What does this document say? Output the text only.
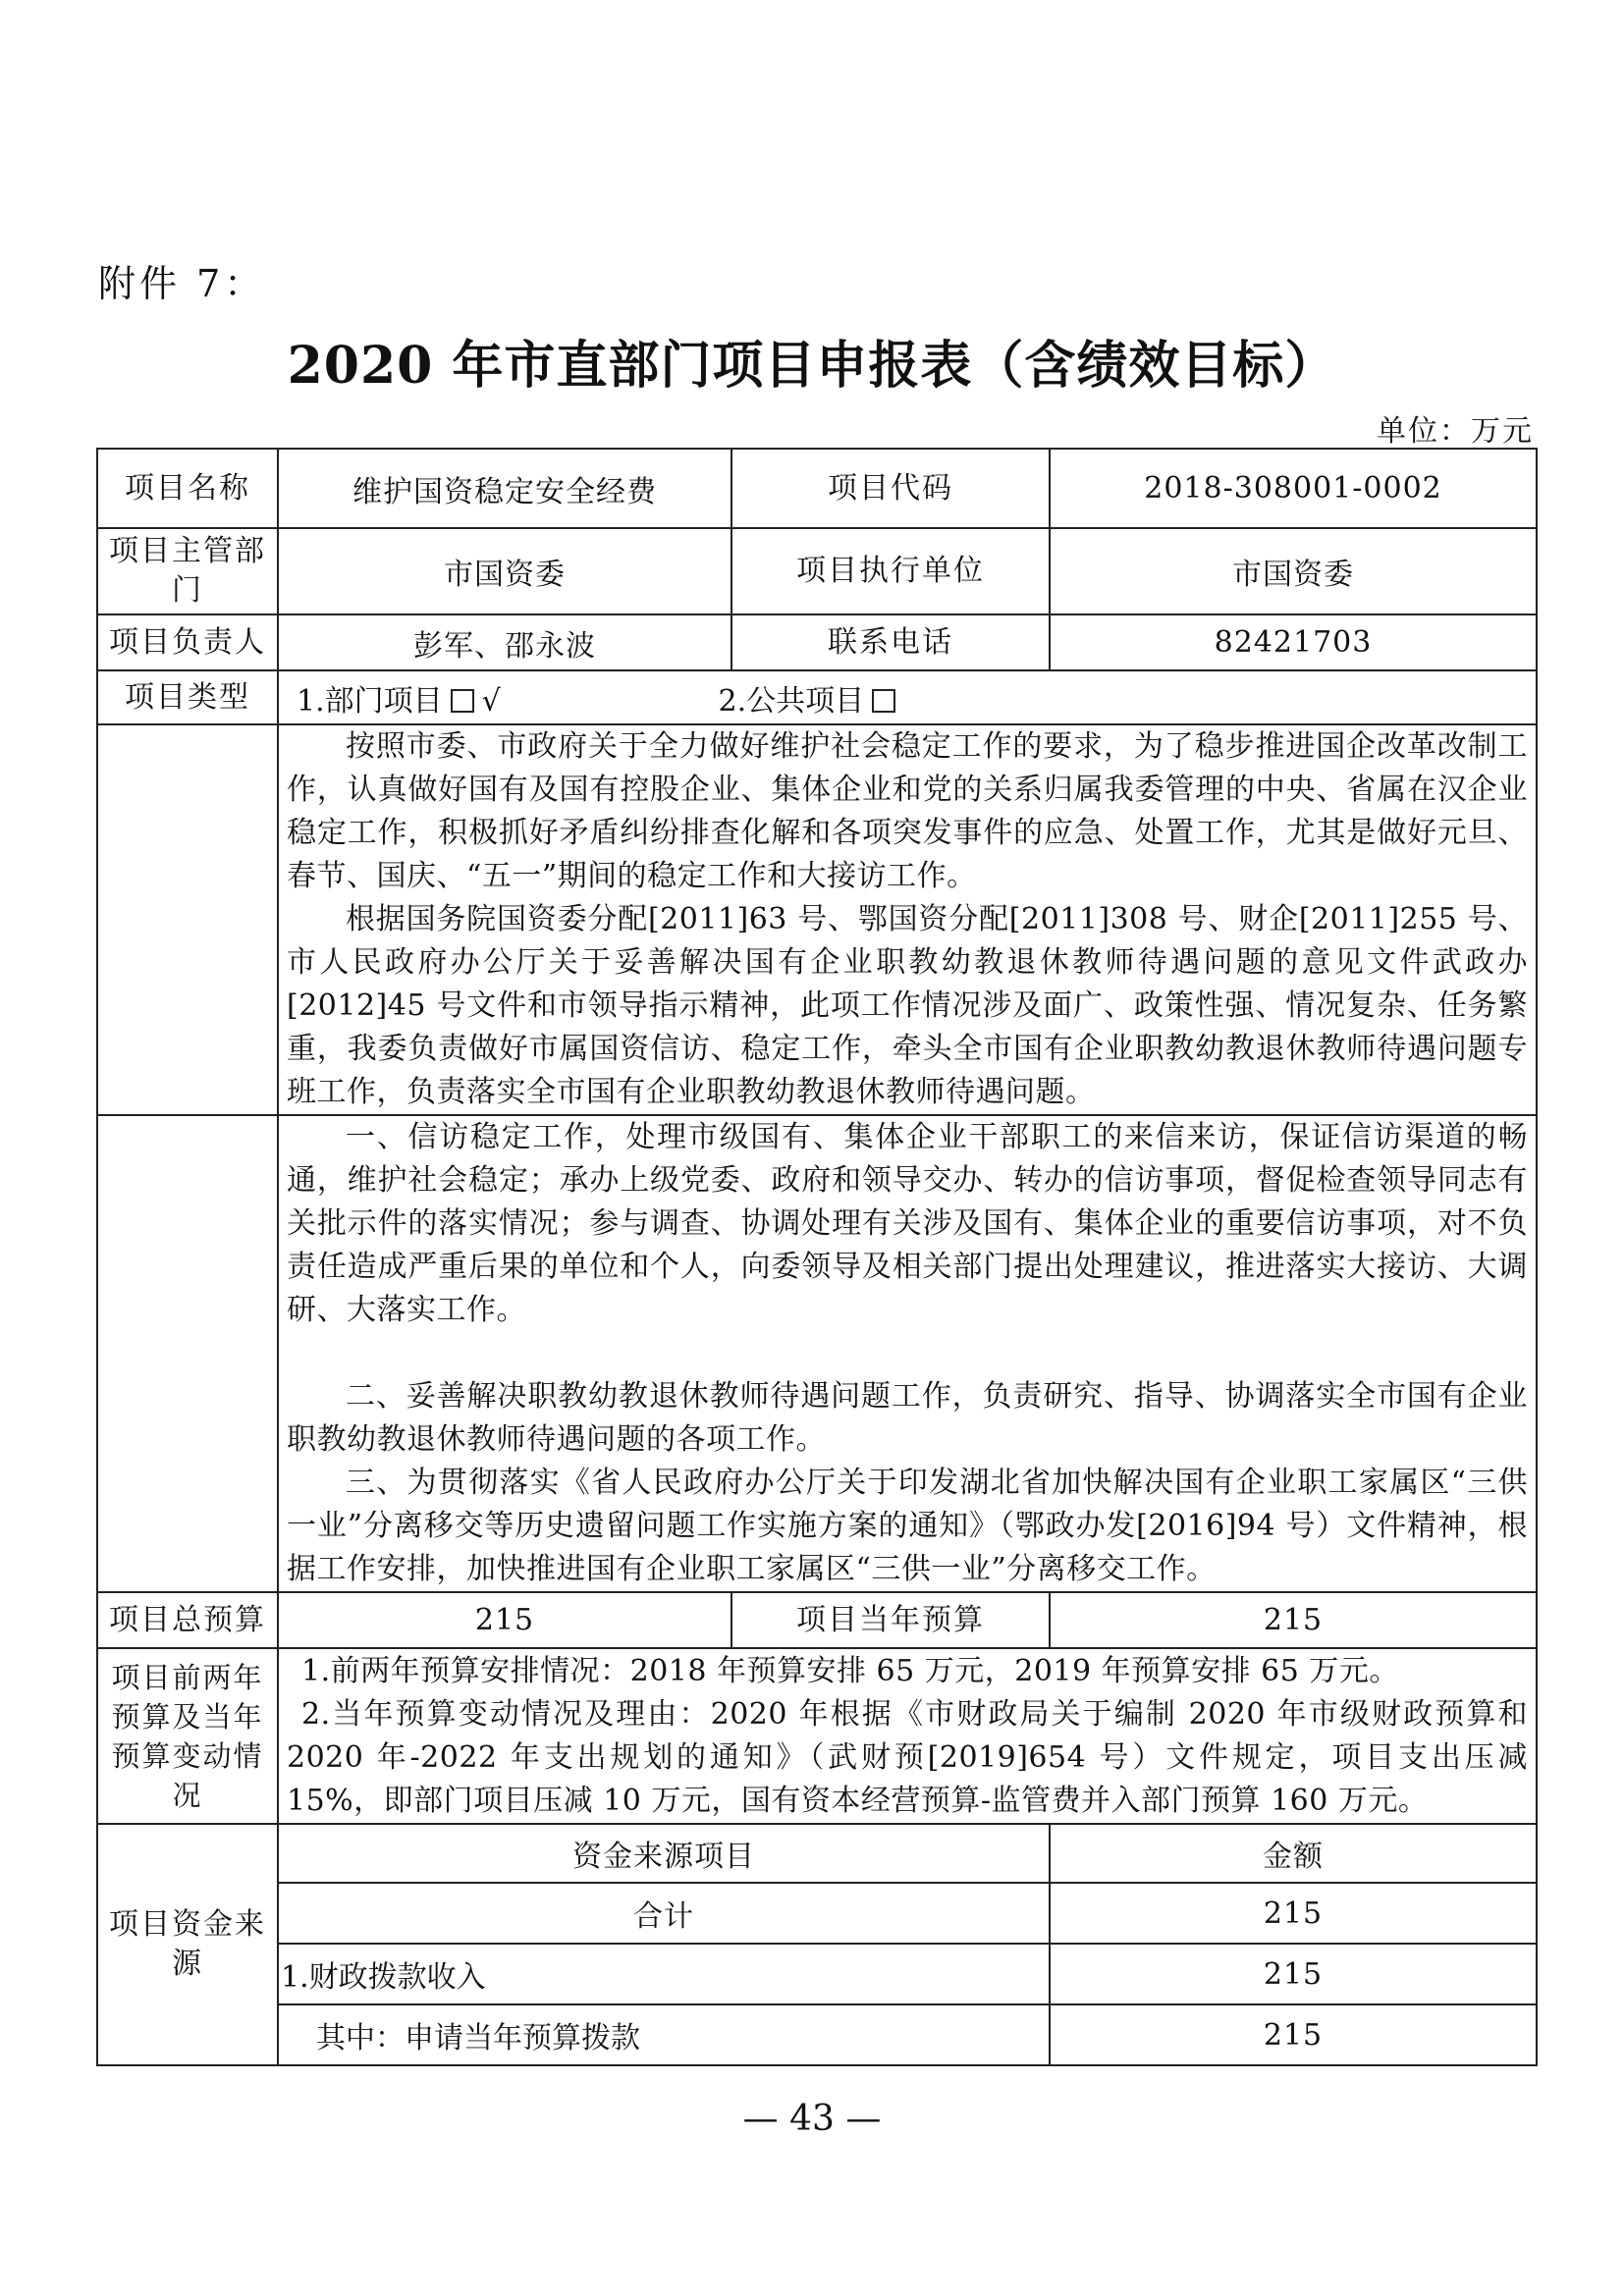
附件 7：
2020 年市直部门项目申报表（含绩效目标）
单位：万元
项目名称	维护国资稳定安全经费	项目代码	2018-308001-0002
项目主管部门	市国资委	项目执行单位	市国资委
项目负责人	彭军、邵永波	联系电话	82421703
项目类型	1.部门项目 √ 2.公共项目		

	按照市委、市政府关于全力做好维护社会稳定工作的要求，为了稳步推进国企改革改制工作，认真做好国有及国有控股企业、集体企业和党的关系归属我委管理的中央、省属在汉企业稳定工作，积极抓好矛盾纠纷排查化解和各项突发事件的应急、处置工作，尤其是做好元旦、春节、国庆、“五一”期间的稳定工作和大接访工作。

根据国务院国资委分配[2011]63 号、鄂国资分配[2011]308 号、财企[2011]255 号、市人民政府办公厅关于妥善解决国有企业职教幼教退休教师待遇问题的意见文件武政办[2012]45 号文件和市领导指示精神，此项工作情况涉及面广、政策性强、情况复杂、任务繁重，我委负责做好市属国资信访、稳定工作，牵头全市国有企业职教幼教退休教师待遇问题专班工作，负责落实全市国有企业职教幼教退休教师待遇问题。		

	一、信访稳定工作，处理市级国有、集体企业干部职工的来信来访，保证信访渠道的畅通，维护社会稳定；承办上级党委、政府和领导交办、转办的信访事项，督促检查领导同志有关批示件的落实情况；参与调查、协调处理有关涉及国有、集体企业的重要信访事项，对不负责任造成严重后果的单位和个人，向委领导及相关部门提出处理建议，推进落实大接访、大调研、大落实工作。

二、妥善解决职教幼教退休教师待遇问题工作，负责研究、指导、协调落实全市国有企业职教幼教退休教师待遇问题的各项工作。

三、为贯彻落实《省人民政府办公厅关于印发湖北省加快解决国有企业职工家属区“三供一业”分离移交等历史遗留问题工作实施方案的通知》（鄂政办发[2016]94 号）文件精神，根据工作安排，加快推进国有企业职工家属区“三供一业”分离移交工作。		

项目总预算	215	项目当年预算	215
项目前两年预算及当年预算变动情况	1.前两年预算安排情况：2018 年预算安排 65 万元，2019 年预算安排 65 万元。

2.当年预算变动情况及理由：2020 年根据《市财政局关于编制 2020 年市级财政预算和 2020 年-2022 年支出规划的通知》（武财预[2019]654 号）文件规定，项目支出压减 15%，即部门项目压减 10 万元，国有资本经营预算-监管费并入部门预算 160 万元。		

项目资金来源	资金来源项目		金额
	合计		215
	1.财政拨款收入		215
	其中：申请当年预算拨款		215
— 43 —
